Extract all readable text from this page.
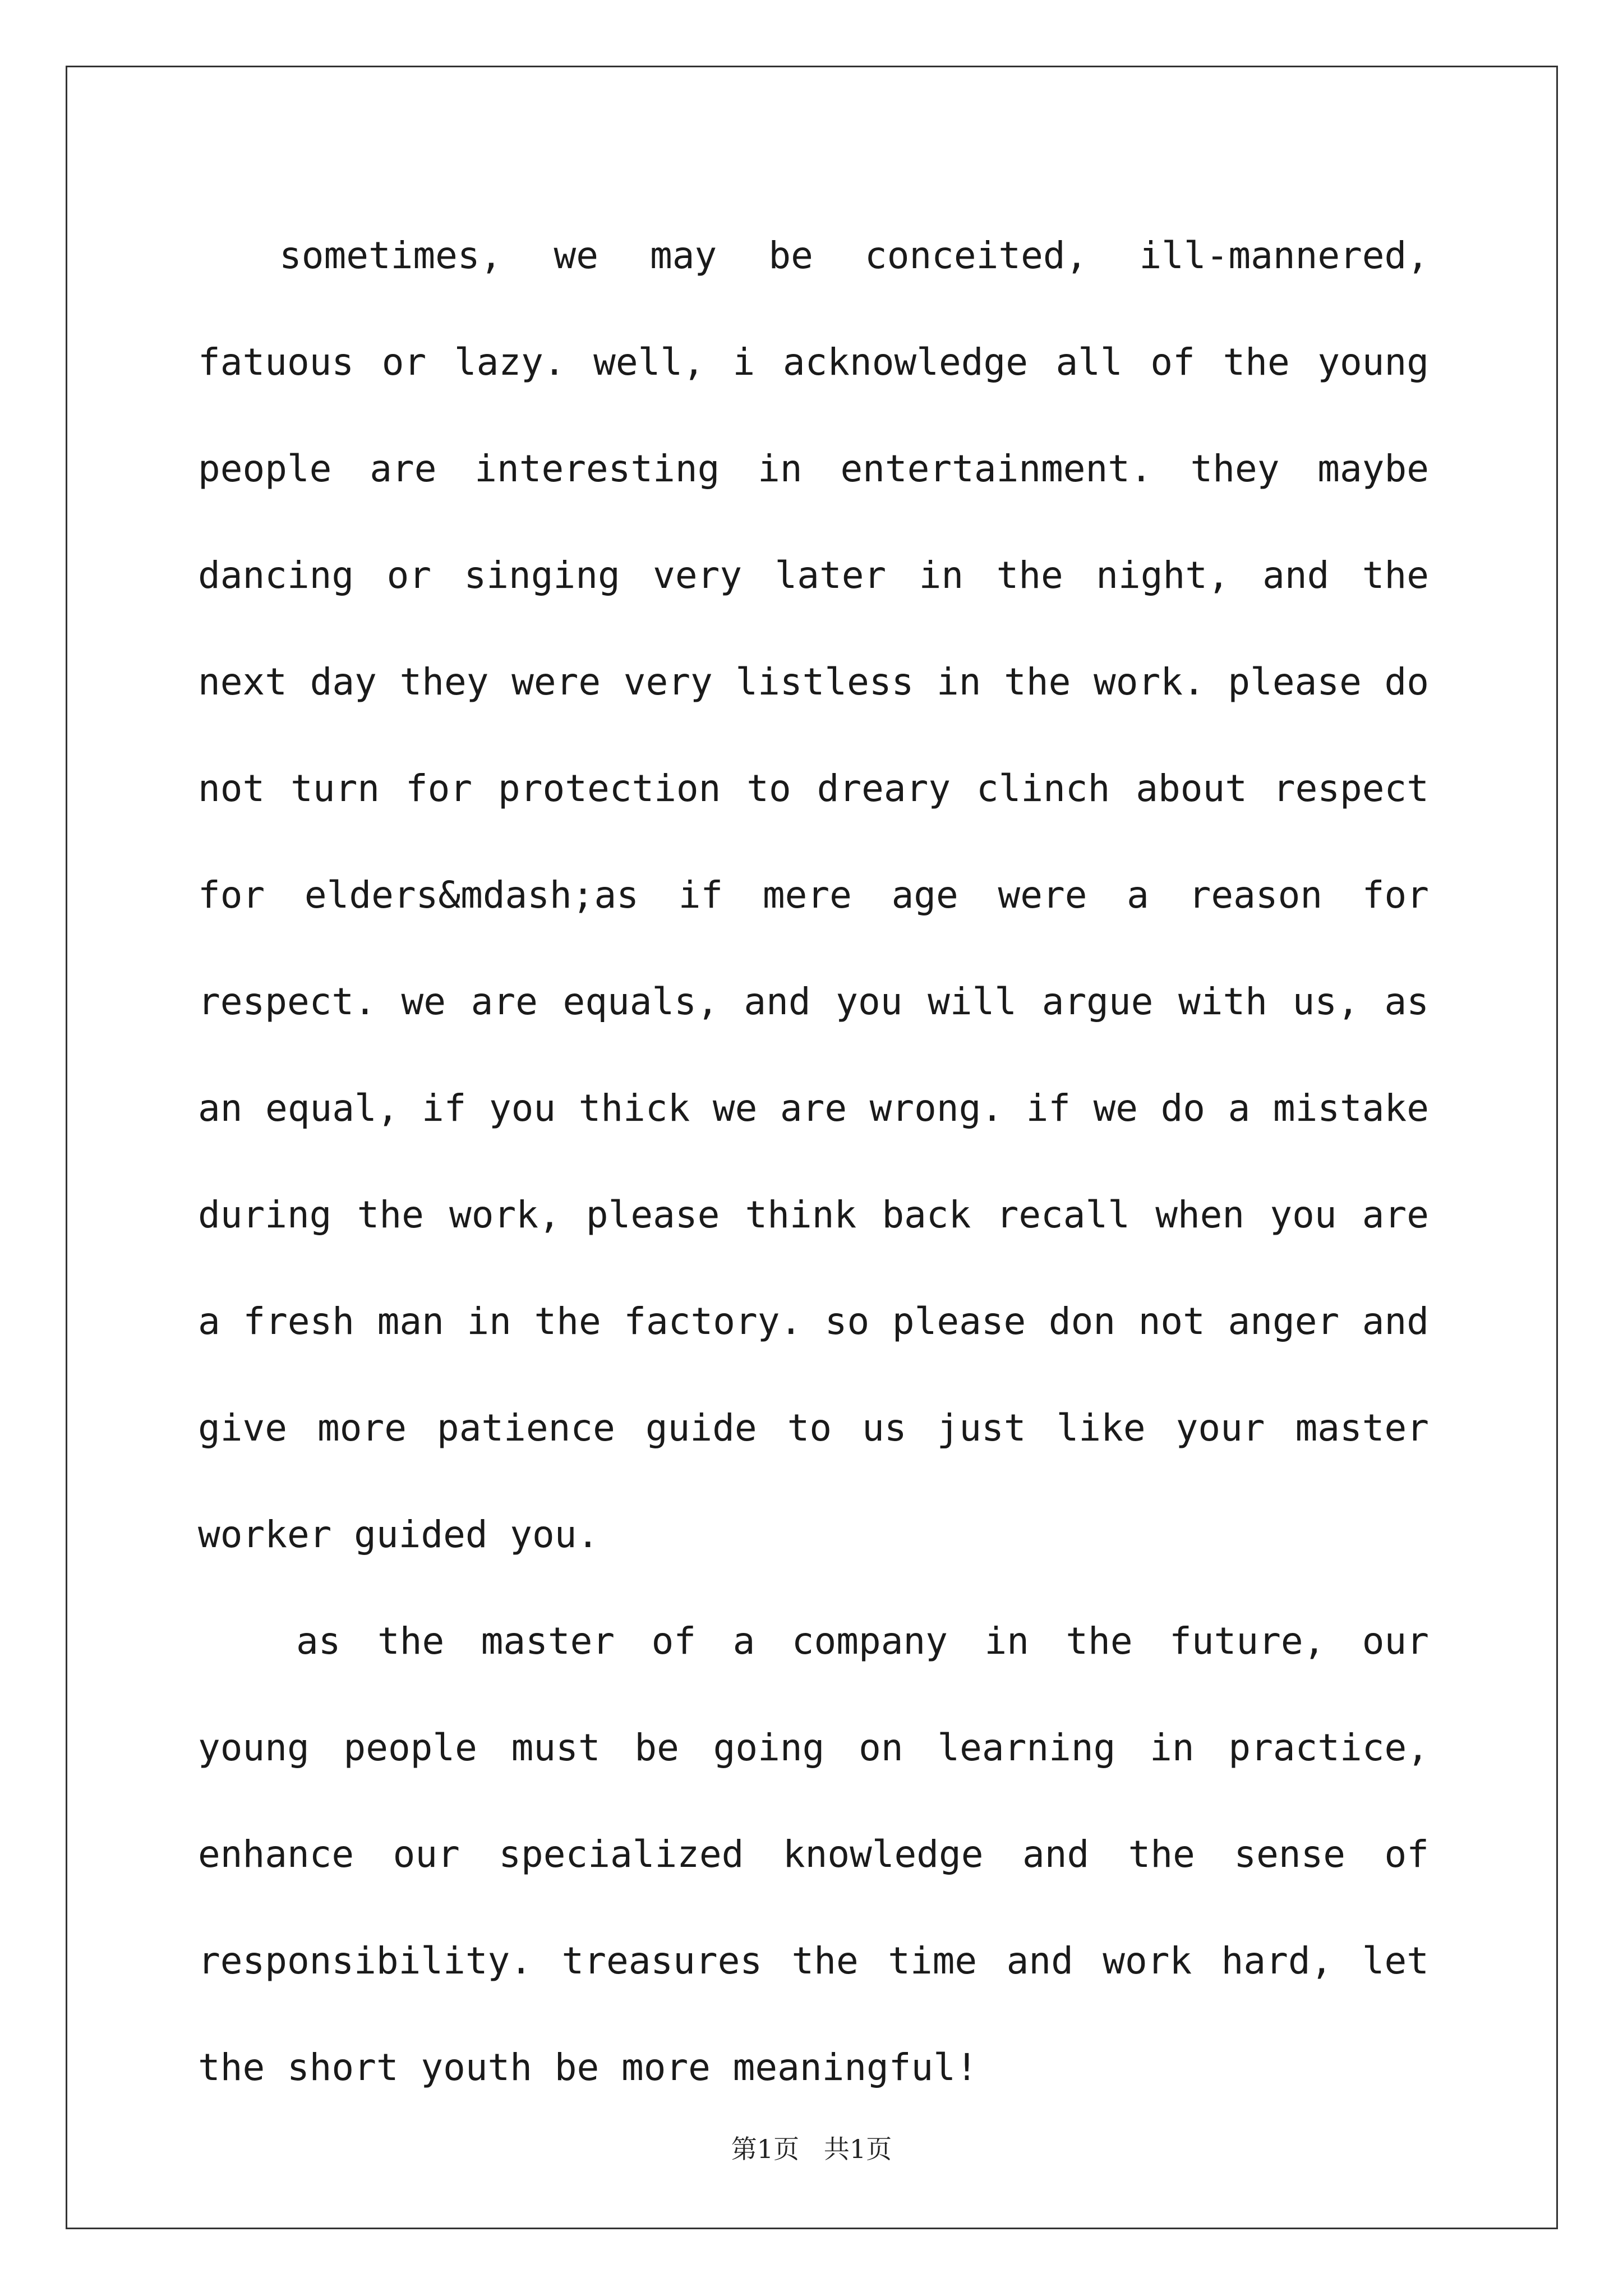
sometimes, we may be conceited, ill-mannered, fatuous or lazy. well, i acknowledge all of the young people are interesting in entertainment. they maybe dancing or singing very later in the night, and the next day they were very listless in the work. please do not turn for protection to dreary clinch about respect for elders&mdash;as if mere age were a reason for respect. we are equals, and you will argue with us, as an equal, if you thick we are wrong. if we do a mistake during the work, please think back recall when you are a fresh man in the factory. so please don not anger and give more patience guide to us just like your master worker guided you.

as the master of a company in the future, our young people must be going on learning in practice, enhance our specialized knowledge and the sense of responsibility. treasures the time and work hard, let the short youth be more meaningful!

第1页   共1页
